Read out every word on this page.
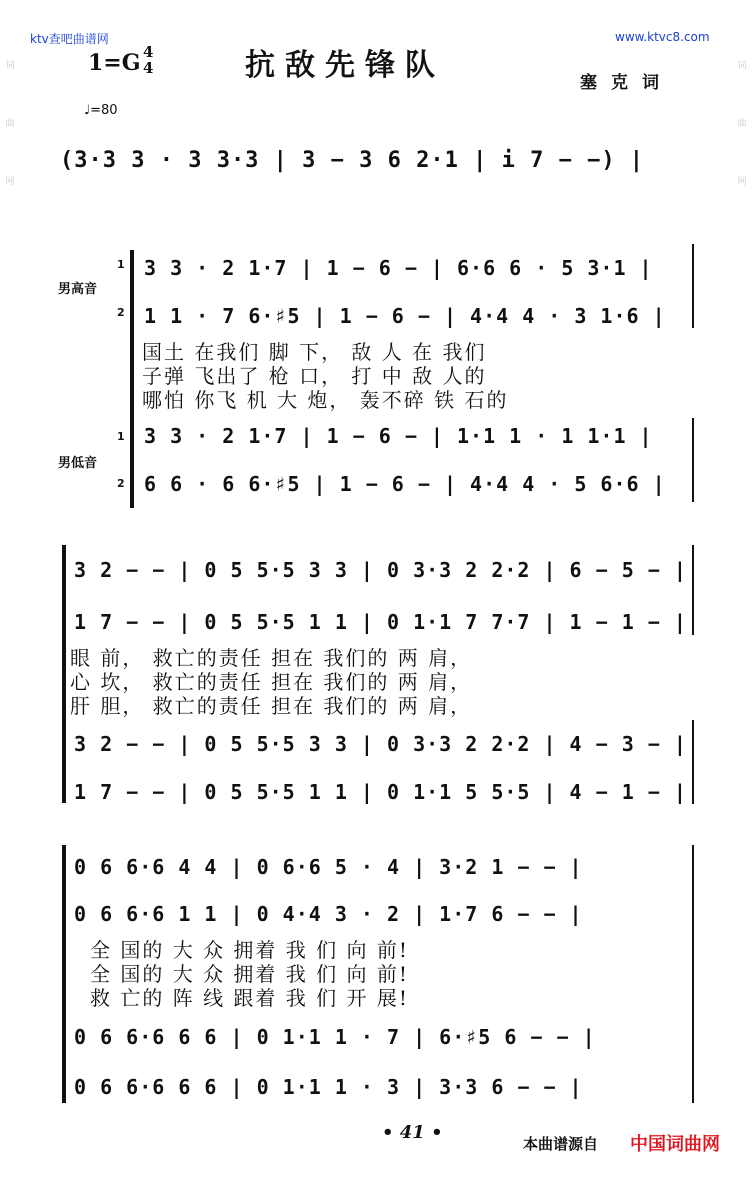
词
曲
网
词
曲
网
ktv查吧曲谱网	www.ktvc8.com
1=G 4
4	抗敌先锋队	塞克词
♩=80
(3·3 3 · 3 3·3 | 3 − 3 6 2·1 | i 7 − −) |
男高音
1
2
3 3 · 2 1·7 | 1 − 6 − | 6·6 6 · 5 3·1 |
1 1 · 7 6·♯5 | 1 − 6 − | 4·4 4 · 3 1·6 |
国土 在我们 脚 下， 敌 人 在 我们
子弹 飞出了 枪 口， 打 中 敌 人的
哪怕 你飞 机 大 炮， 轰不碎 铁 石的
男低音
1
2
3 3 · 2 1·7 | 1 − 6 − | 1·1 1 · 1 1·1 |
6 6 · 6 6·♯5 | 1 − 6 − | 4·4 4 · 5 6·6 |
3 2 − − | 0 5 5·5 3 3 | 0 3·3 2 2·2 | 6 − 5 − |
1 7 − − | 0 5 5·5 1 1 | 0 1·1 7 7·7 | 1 − 1 − |
眼 前， 救亡的责任 担在 我们的 两 肩，
心 坎， 救亡的责任 担在 我们的 两 肩，
肝 胆， 救亡的责任 担在 我们的 两 肩，
3 2 − − | 0 5 5·5 3 3 | 0 3·3 2 2·2 | 4 − 3 − |
1 7 − − | 0 5 5·5 1 1 | 0 1·1 5 5·5 | 4 − 1 − |
0 6 6·6 4 4 | 0 6·6 5 · 4 | 3·2 1 − − |
0 6 6·6 1 1 | 0 4·4 3 · 2 | 1·7 6 − − |
全 国的 大 众 拥着 我 们 向 前!
全 国的 大 众 拥着 我 们 向 前!
救 亡的 阵 线 跟着 我 们 开 展!
0 6 6·6 6 6 | 0 1·1 1 · 7 | 6·♯5 6 − − |
0 6 6·6 6 6 | 0 1·1 1 · 3 | 3·3 6 − − |
• 41 •
本曲谱源自 中国词曲网
